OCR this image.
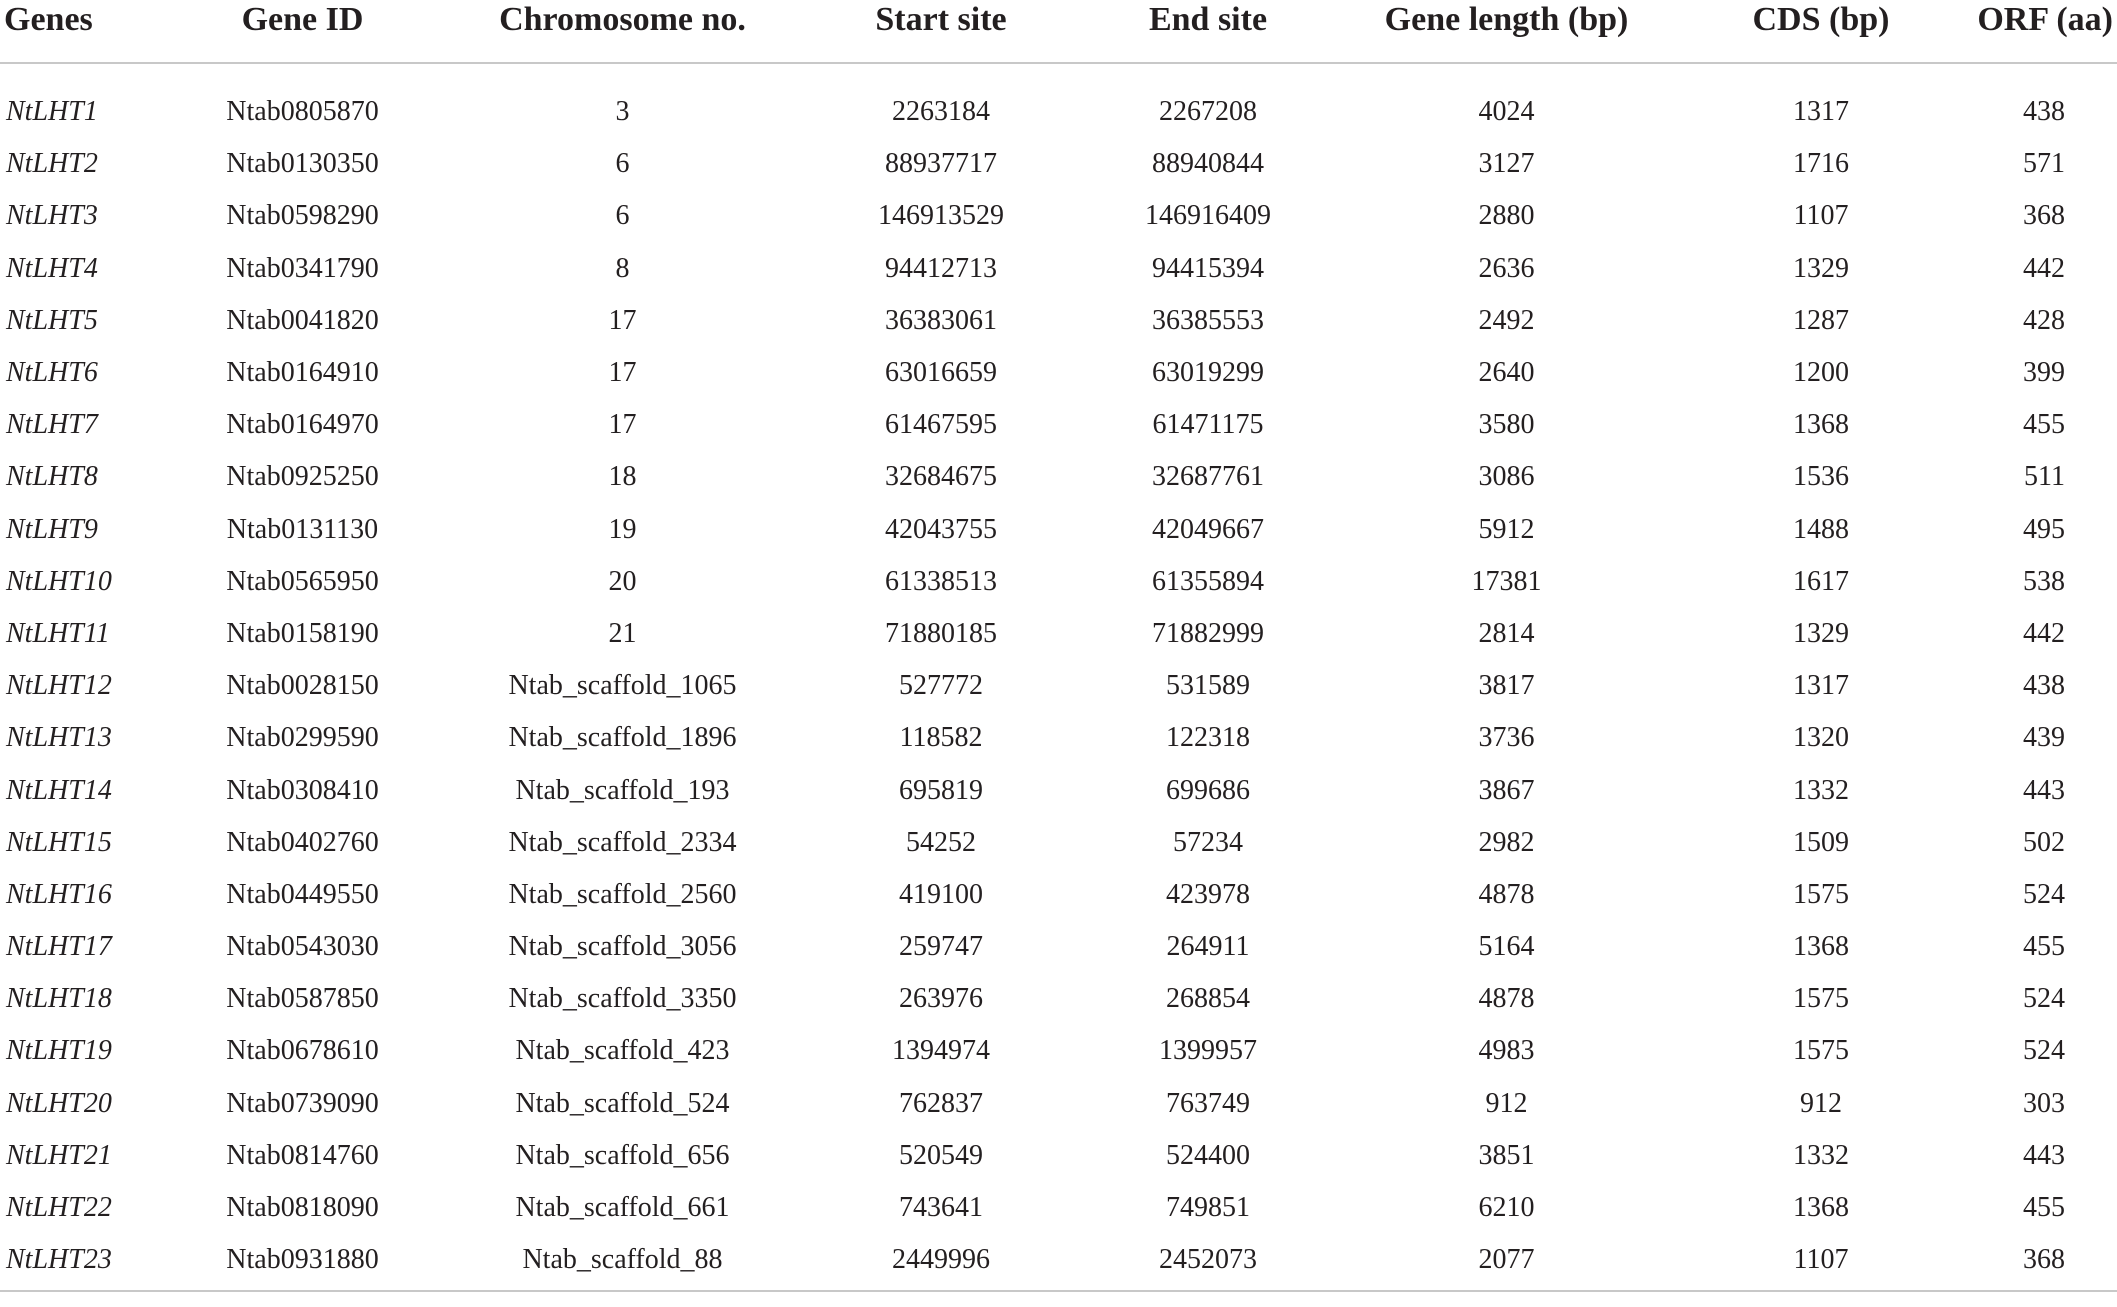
Genes	Gene ID	Chromosome no.	Start site	End site	Gene length (bp)	CDS (bp)	ORF (aa)
NtLHT1	Ntab0805870	3	2263184	2267208	4024	1317	438
NtLHT2	Ntab0130350	6	88937717	88940844	3127	1716	571
NtLHT3	Ntab0598290	6	146913529	146916409	2880	1107	368
NtLHT4	Ntab0341790	8	94412713	94415394	2636	1329	442
NtLHT5	Ntab0041820	17	36383061	36385553	2492	1287	428
NtLHT6	Ntab0164910	17	63016659	63019299	2640	1200	399
NtLHT7	Ntab0164970	17	61467595	61471175	3580	1368	455
NtLHT8	Ntab0925250	18	32684675	32687761	3086	1536	511
NtLHT9	Ntab0131130	19	42043755	42049667	5912	1488	495
NtLHT10	Ntab0565950	20	61338513	61355894	17381	1617	538
NtLHT11	Ntab0158190	21	71880185	71882999	2814	1329	442
NtLHT12	Ntab0028150	Ntab_scaffold_1065	527772	531589	3817	1317	438
NtLHT13	Ntab0299590	Ntab_scaffold_1896	118582	122318	3736	1320	439
NtLHT14	Ntab0308410	Ntab_scaffold_193	695819	699686	3867	1332	443
NtLHT15	Ntab0402760	Ntab_scaffold_2334	54252	57234	2982	1509	502
NtLHT16	Ntab0449550	Ntab_scaffold_2560	419100	423978	4878	1575	524
NtLHT17	Ntab0543030	Ntab_scaffold_3056	259747	264911	5164	1368	455
NtLHT18	Ntab0587850	Ntab_scaffold_3350	263976	268854	4878	1575	524
NtLHT19	Ntab0678610	Ntab_scaffold_423	1394974	1399957	4983	1575	524
NtLHT20	Ntab0739090	Ntab_scaffold_524	762837	763749	912	912	303
NtLHT21	Ntab0814760	Ntab_scaffold_656	520549	524400	3851	1332	443
NtLHT22	Ntab0818090	Ntab_scaffold_661	743641	749851	6210	1368	455
NtLHT23	Ntab0931880	Ntab_scaffold_88	2449996	2452073	2077	1107	368
